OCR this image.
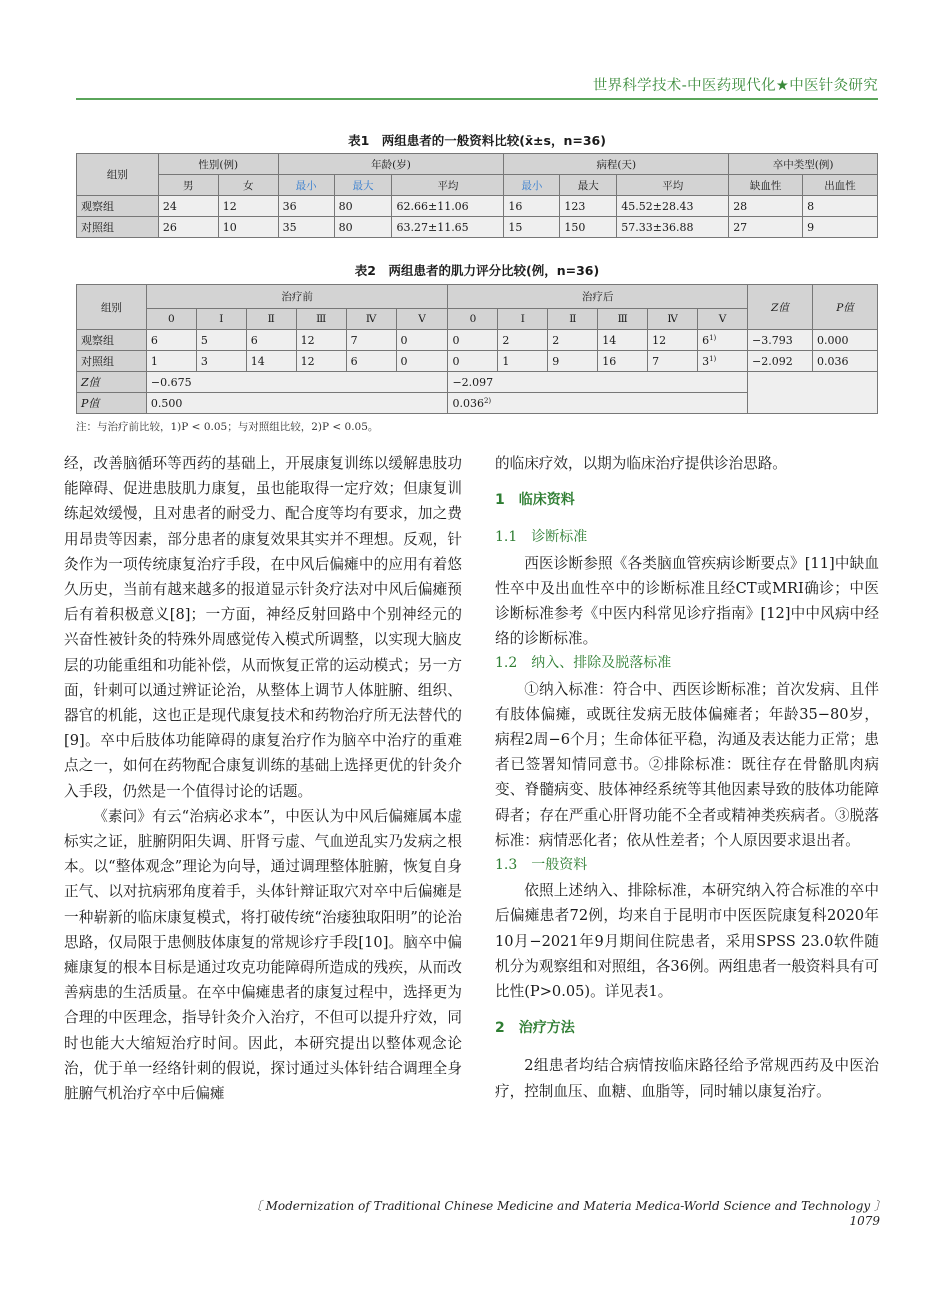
世界科学技术-中医药现代化★中医针灸研究
表1　两组患者的一般资料比较(x̄±s，n=36)
组别	性别(例)		年龄(岁)			病程(天)			卒中类型(例)	
	男	女	最小	最大	平均	最小	最大	平均	缺血性	出血性
观察组	24	12	36	80	62.66±11.06	16	123	45.52±28.43	28	8
对照组	26	10	35	80	63.27±11.65	15	150	57.33±36.88	27	9
表2　两组患者的肌力评分比较(例，n=36)
组别	治疗前						治疗后						Z值	P值
	0	Ⅰ	Ⅱ	Ⅲ	Ⅳ	Ⅴ	0	Ⅰ	Ⅱ	Ⅲ	Ⅳ	Ⅴ		
观察组	6	5	6	12	7	0	0	2	2	14	12	$6^{1)}$	−3.793	0.000
对照组	1	3	14	12	6	0	0	1	9	16	7	$3^{1)}$	−2.092	0.036
Z值	−0.675						−2.097							
P值	0.500						0.036$^{2)}$
注：与治疗前比较，1)P < 0.05；与对照组比较，2)P < 0.05。

经，改善脑循环等西药的基础上，开展康复训练以缓解患肢功能障碍、促进患肢肌力康复，虽也能取得一定疗效；但康复训练起效缓慢，且对患者的耐受力、配合度等均有要求，加之费用昂贵等因素，部分患者的康复效果其实并不理想。反观，针灸作为一项传统康复治疗手段，在中风后偏瘫中的应用有着悠久历史，当前有越来越多的报道显示针灸疗法对中风后偏瘫预后有着积极意义[8]；一方面，神经反射回路中个别神经元的兴奋性被针灸的特殊外周感觉传入模式所调整，以实现大脑皮层的功能重组和功能补偿，从而恢复正常的运动模式；另一方面，针刺可以通过辨证论治，从整体上调节人体脏腑、组织、器官的机能，这也正是现代康复技术和药物治疗所无法替代的[9]。卒中后肢体功能障碍的康复治疗作为脑卒中治疗的重难点之一，如何在药物配合康复训练的基础上选择更优的针灸介入手段，仍然是一个值得讨论的话题。

《素问》有云“治病必求本”，中医认为中风后偏瘫属本虚标实之证，脏腑阴阳失调、肝肾亏虚、气血逆乱实乃发病之根本。以“整体观念”理论为向导，通过调理整体脏腑，恢复自身正气、以对抗病邪角度着手，头体针辩证取穴对卒中后偏瘫是一种崭新的临床康复模式，将打破传统“治痿独取阳明”的论治思路，仅局限于患侧肢体康复的常规诊疗手段[10]。脑卒中偏瘫康复的根本目标是通过攻克功能障碍所造成的残疾，从而改善病患的生活质量。在卒中偏瘫患者的康复过程中，选择更为合理的中医理念，指导针灸介入治疗，不但可以提升疗效，同时也能大大缩短治疗时间。因此，本研究提出以整体观念论治，优于单一经络针刺的假说，探讨通过头体针结合调理全身脏腑气机治疗卒中后偏瘫

的临床疗效，以期为临床治疗提供诊治思路。

1　临床资料
1.1　诊断标准

西医诊断参照《各类脑血管疾病诊断要点》[11]中缺血性卒中及出血性卒中的诊断标准且经CT或MRI确诊；中医诊断标准参考《中医内科常见诊疗指南》[12]中中风病中经络的诊断标准。

1.2　纳入、排除及脱落标准

①纳入标准：符合中、西医诊断标准；首次发病、且伴有肢体偏瘫，或既往发病无肢体偏瘫者；年龄35−80岁，病程2周−6个月；生命体征平稳，沟通及表达能力正常；患者已签署知情同意书。②排除标准：既往存在骨骼肌肉病变、脊髓病变、肢体神经系统等其他因素导致的肢体功能障碍者；存在严重心肝肾功能不全者或精神类疾病者。③脱落标准：病情恶化者；依从性差者；个人原因要求退出者。

1.3　一般资料

依照上述纳入、排除标准，本研究纳入符合标准的卒中后偏瘫患者72例，均来自于昆明市中医医院康复科2020年10月−2021年9月期间住院患者，采用SPSS 23.0软件随机分为观察组和对照组，各36例。两组患者一般资料具有可比性(P>0.05)。详见表1。

2　治疗方法

2组患者均结合病情按临床路径给予常规西药及中医治疗，控制血压、血糖、血脂等，同时辅以康复治疗。

〔 Modernization of Traditional Chinese Medicine and Materia Medica-World Science and Technology 〕　1079
